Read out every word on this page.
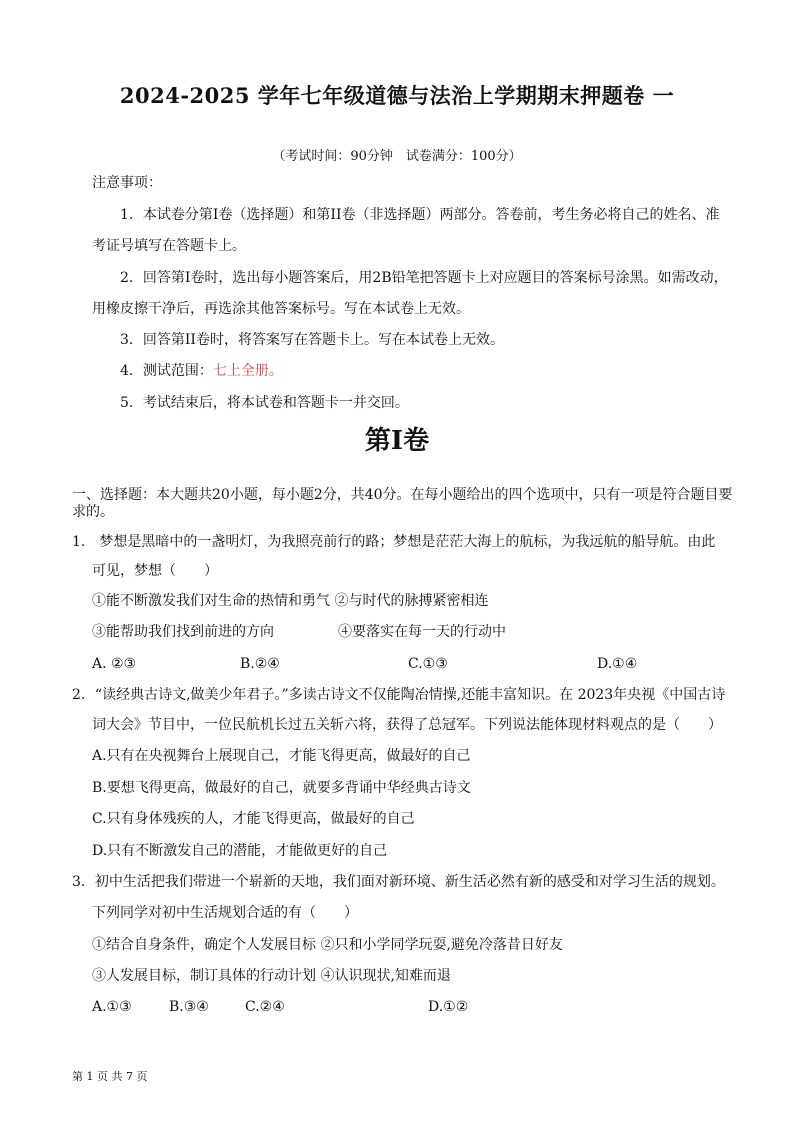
2024-2025 学年七年级道德与法治上学期期末押题卷 一
（考试时间：90分钟　试卷满分：100分）
注意事项：
1．本试卷分第I卷（选择题）和第II卷（非选择题）两部分。答卷前，考生务必将自己的姓名、准
考证号填写在答题卡上。
2．回答第I卷时，选出每小题答案后，用2B铅笔把答题卡上对应题目的答案标号涂黑。如需改动，
用橡皮擦干净后，再选涂其他答案标号。写在本试卷上无效。
3．回答第II卷时，将答案写在答题卡上。写在本试卷上无效。
4．测试范围：七上全册。
5．考试结束后，将本试卷和答题卡一并交回。
第I卷
一、选择题：本大题共20小题，每小题2分，共40分。在每小题给出的四个选项中，只有一项是符合题目要
求的。
1.　梦想是黑暗中的一盏明灯，为我照亮前行的路；梦想是茫茫大海上的航标，为我远航的船导航。由此
可见，梦想（　　）
①能不断激发我们对生命的热情和勇气 ②与时代的脉搏紧密相连
③能帮助我们找到前进的方向	④要落实在每一天的行动中
A. ②③	B.②④	C.①③	D.①④
2．“读经典古诗文,做美少年君子。”多读古诗文不仅能陶冶情操,还能丰富知识。在 2023年央视《中国古诗
词大会》节目中，一位民航机长过五关斩六将，获得了总冠军。下列说法能体现材料观点的是（　　）
A.只有在央视舞台上展现自己，才能飞得更高，做最好的自己
B.要想飞得更高，做最好的自己，就要多背诵中华经典古诗文
C.只有身体残疾的人，才能飞得更高，做最好的自己
D.只有不断激发自己的潜能，才能做更好的自己
3．初中生活把我们带进一个崭新的天地，我们面对新环境、新生活必然有新的感受和对学习生活的规划。
下列同学对初中生活规划合适的有（　　）
①结合自身条件，确定个人发展目标 ②只和小学同学玩耍,避免冷落昔日好友
③人发展目标，制订具体的行动计划 ④认识现状,知难而退
A.①③	B.③④	C.②④	D.①②
第 1 页 共 7 页
